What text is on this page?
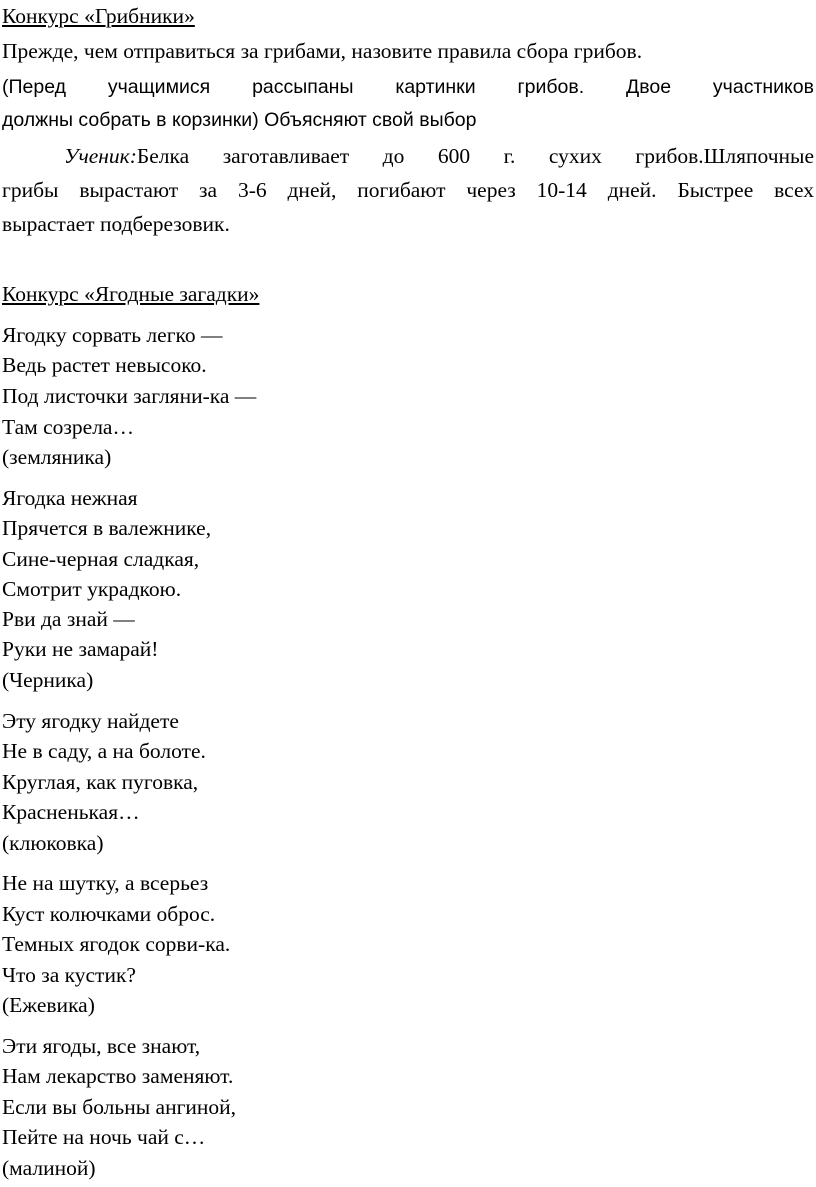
Конкурс «Грибники»
Прежде, чем отправиться за грибами, назовите правила сбора грибов.
(Перед учащимися рассыпаны картинки грибов. Двое участников
должны собрать в корзинки) Объясняют свой выбор
Ученик:Белка заготавливает до 600 г. сухих грибов.Шляпочные
грибы вырастают за 3-6 дней, погибают через 10-14 дней. Быстрее всех
вырастает подберезовик.
Конкурс «Ягодные загадки»
Ягодку сорвать легко —
Ведь растет невысоко.
Под листочки загляни-ка —
Там созрела…
(земляника)
Ягодка нежная
Прячется в валежнике,
Сине-черная сладкая,
Смотрит украдкою.
Рви да знай —
Руки не замарай!
(Черника)
Эту ягодку найдете
Не в саду, а на болоте.
Круглая, как пуговка,
Красненькая…
(клюковка)
Не на шутку, а всерьез
Куст колючками оброс.
Темных ягодок сорви-ка.
Что за кустик?
(Ежевика)
Эти ягоды, все знают,
Нам лекарство заменяют.
Если вы больны ангиной,
Пейте на ночь чай с…
(малиной)
